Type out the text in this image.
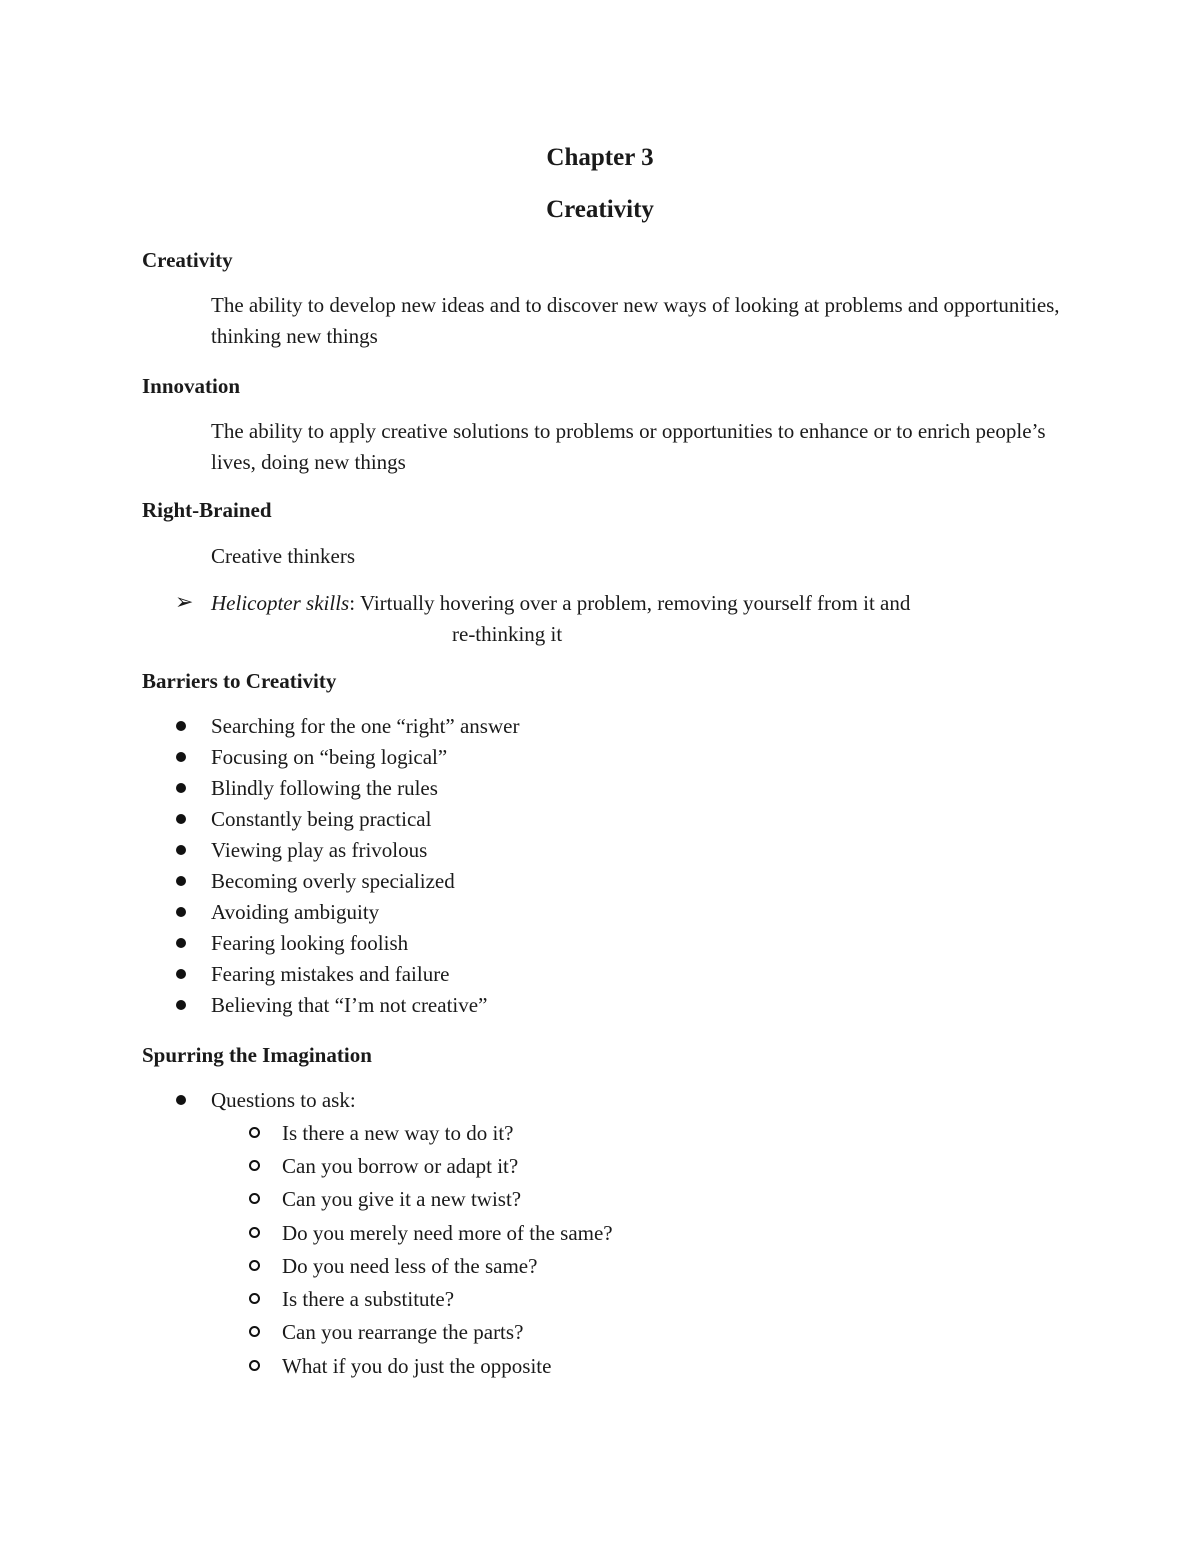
Chapter 3
Creativity
Creativity

The ability to develop new ideas and to discover new ways of looking at problems and opportunities, thinking new things

Innovation

The ability to apply creative solutions to problems or opportunities to enhance or to enrich people’s lives, doing new things

Right-Brained
Creative thinkers
➢ Helicopter skills: Virtually hovering over a problem, removing yourself from it and
re-thinking it
Barriers to Creativity
Searching for the one “right” answer
Focusing on “being logical”
Blindly following the rules
Constantly being practical
Viewing play as frivolous
Becoming overly specialized
Avoiding ambiguity
Fearing looking foolish
Fearing mistakes and failure
Believing that “I’m not creative”
Spurring the Imagination
Questions to ask:
Is there a new way to do it?
Can you borrow or adapt it?
Can you give it a new twist?
Do you merely need more of the same?
Do you need less of the same?
Is there a substitute?
Can you rearrange the parts?
What if you do just the opposite
